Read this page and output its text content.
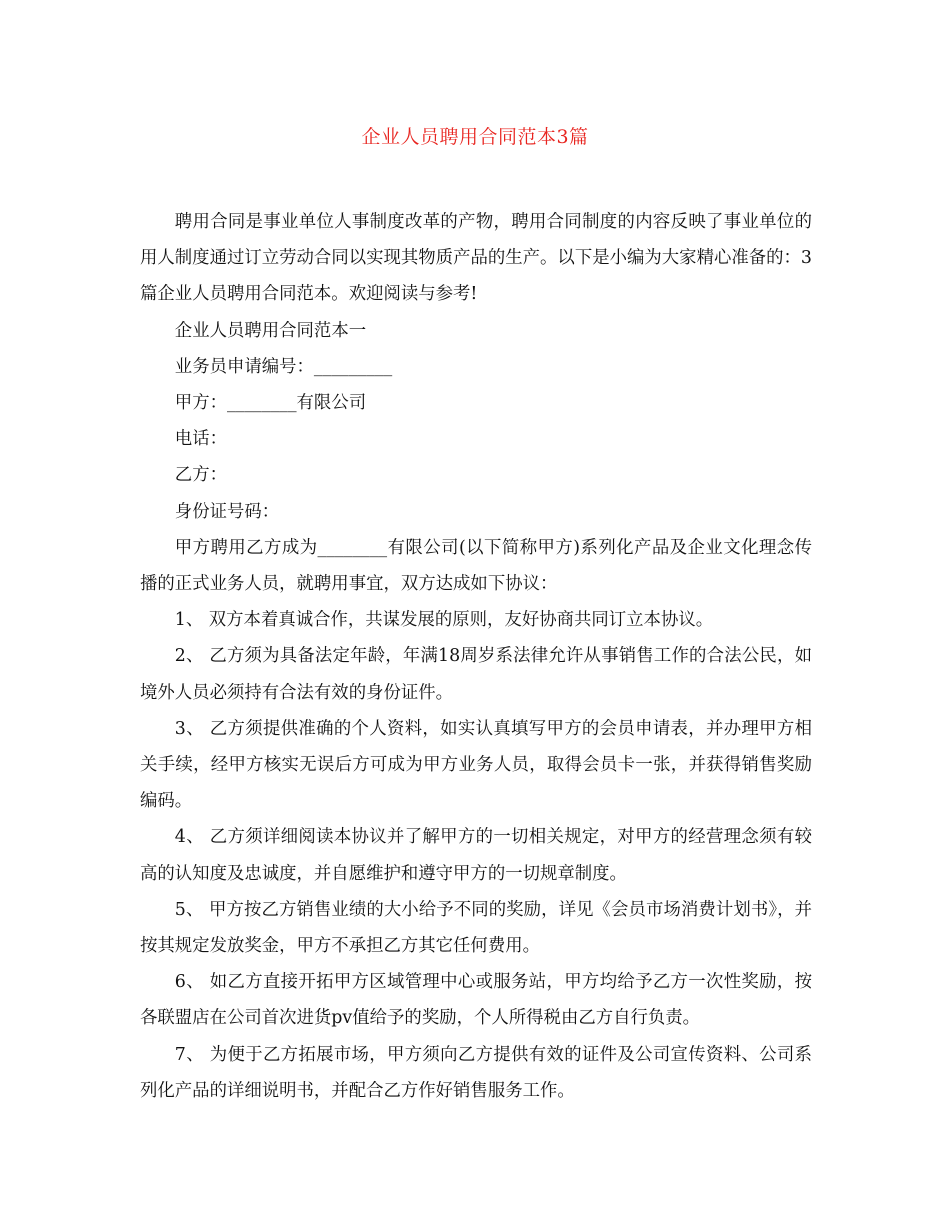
企业人员聘用合同范本3篇

聘用合同是事业单位人事制度改革的产物，聘用合同制度的内容反映了事业单位的用人制度通过订立劳动合同以实现其物质产品的生产。以下是小编为大家精心准备的：3篇企业人员聘用合同范本。欢迎阅读与参考!

企业人员聘用合同范本一

业务员申请编号：_________

甲方：________有限公司

电话：

乙方：

身份证号码：

甲方聘用乙方成为________有限公司(以下简称甲方)系列化产品及企业文化理念传播的正式业务人员，就聘用事宜，双方达成如下协议：

1、 双方本着真诚合作，共谋发展的原则，友好协商共同订立本协议。

2、 乙方须为具备法定年龄，年满18周岁系法律允许从事销售工作的合法公民，如境外人员必须持有合法有效的身份证件。

3、 乙方须提供准确的个人资料，如实认真填写甲方的会员申请表，并办理甲方相关手续，经甲方核实无误后方可成为甲方业务人员，取得会员卡一张，并获得销售奖励编码。

4、 乙方须详细阅读本协议并了解甲方的一切相关规定，对甲方的经营理念须有较高的认知度及忠诚度，并自愿维护和遵守甲方的一切规章制度。

5、 甲方按乙方销售业绩的大小给予不同的奖励，详见《会员市场消费计划书》，并按其规定发放奖金，甲方不承担乙方其它任何费用。

6、 如乙方直接开拓甲方区域管理中心或服务站，甲方均给予乙方一次性奖励，按各联盟店在公司首次进货pv值给予的奖励，个人所得税由乙方自行负责。

7、 为便于乙方拓展市场，甲方须向乙方提供有效的证件及公司宣传资料、公司系列化产品的详细说明书，并配合乙方作好销售服务工作。
